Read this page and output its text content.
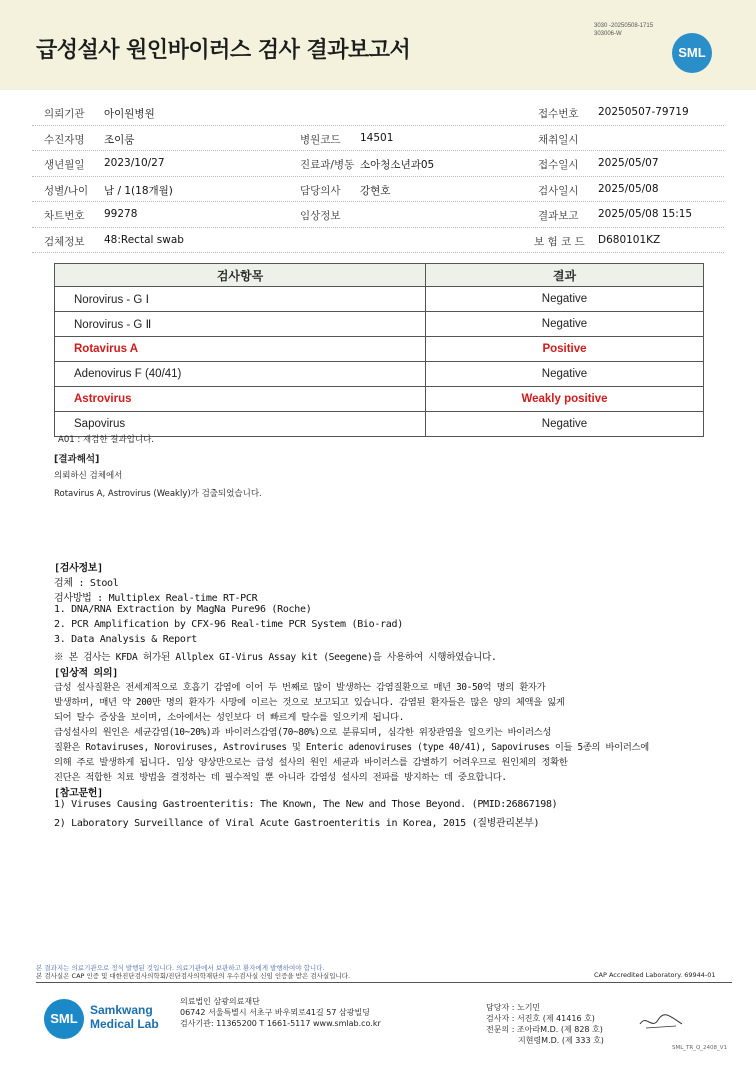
급성설사 원인바이러스 검사 결과보고서
3030 -20250508-1715
303006-W
SML
의뢰기관 아이원병원	접수번호 20250507-79719
수진자명 조이룸	병원코드 14501	채취일시
생년월일 2023/10/27	진료과/병동 소아청소년과05	접수일시 2025/05/07
성별/나이 남 / 1(18개월)	담당의사 강현호	검사일시 2025/05/08
차트번호 99278	임상정보	결과보고 2025/05/08 15:15
검체정보 48:Rectal swab	보 험 코 드 D680101KZ
검사항목	결과
Norovirus - G Ⅰ	Negative
Norovirus - G Ⅱ	Negative
Rotavirus A	Positive
Adenovirus F (40/41)	Negative
Astrovirus	Weakly positive
Sapovirus	Negative
A01 : 재검한 결과입니다.
[결과해석]
의뢰하신 검체에서
Rotavirus A, Astrovirus (Weakly)가 검출되었습니다.
[검사정보]
검체 : Stool
검사방법 : Multiplex Real-time RT-PCR
1. DNA/RNA Extraction by MagNa Pure96 (Roche)
2. PCR Amplification by CFX-96 Real-time PCR System (Bio-rad)
3. Data Analysis & Report
※ 본 검사는 KFDA 허가된 Allplex GI-Virus Assay kit (Seegene)을 사용하여 시행하였습니다.
[임상적 의의]
급성 설사질환은 전세계적으로 호흡기 감염에 이어 두 번째로 많이 발생하는 감염질환으로 매년 30-50억 명의 환자가
발생하며, 매년 약 200만 명의 환자가 사망에 이르는 것으로 보고되고 있습니다. 감염된 환자들은 많은 양의 체액을 잃게
되어 탈수 증상을 보이며, 소아에서는 성인보다 더 빠르게 탈수를 일으키게 됩니다.
급성설사의 원인은 세균감염(10~20%)과 바이러스감염(70~80%)으로 분류되며, 심각한 위장관염을 일으키는 바이러스성
질환은 Rotaviruses, Noroviruses, Astroviruses 및 Enteric adenoviruses (type 40/41), Sapoviruses 이들 5종의 바이러스에
의해 주로 발생하게 됩니다. 임상 양상만으로는 급성 설사의 원인 세균과 바이러스를 감별하기 어려우므로 원인체의 정확한
진단은 적합한 치료 방법을 결정하는 데 필수적일 뿐 아니라 감염성 설사의 전파를 방지하는 데 중요합니다.
[참고문헌]
1) Viruses Causing Gastroenteritis: The Known, The New and Those Beyond. (PMID:26867198)
2) Laboratory Surveillance of Viral Acute Gastroenteritis in Korea, 2015 (질병관리본부)
본 결과지는 의료기관으로 정식 발행된 것입니다. 의료기관에서 보관하고 환자에게 발행하여야 합니다.
본 검사실은 CAP 인증 및 대한진단검사의학회/진단검사의학재단의 우수검사실 신임 인증을 받은 검사실입니다.	CAP Accredited Laboratory. 69944-01
SML
Samkwang
Medical Lab
의료법인 삼광의료재단
06742 서울특별시 서초구 바우뫼로41길 57 삼광빌딩
검사기관: 11365200 T 1661-5117 www.smlab.co.kr
담당자 : 노기민
검사자 : 서진호 (제 41416 호)
전문의 : 조아라M.D. (제 828 호)
지현령M.D. (제 333 호)
SML_TR_Q_2408_V1
